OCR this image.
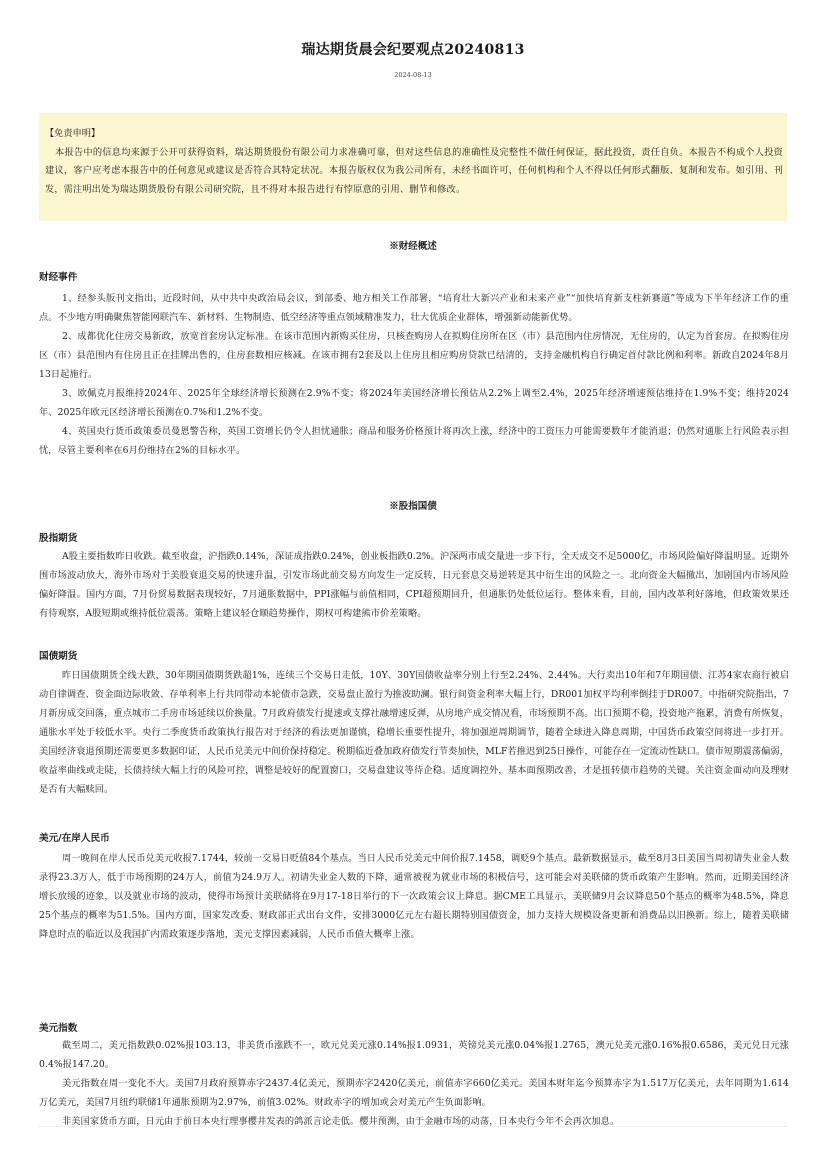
瑞达期货晨会纪要观点20240813
2024-08-13

【免责申明】

本报告中的信息均来源于公开可获得资料，瑞达期货股份有限公司力求准确可靠，但对这些信息的准确性及完整性不做任何保证，据此投资，责任自负。本报告不构成个人投资建议，客户应考虑本报告中的任何意见或建议是否符合其特定状况。本报告版权仅为我公司所有，未经书面许可，任何机构和个人不得以任何形式翻版、复制和发布。如引用、刊发，需注明出处为瑞达期货股份有限公司研究院，且不得对本报告进行有悖原意的引用、删节和修改。

※财经概述
财经事件

1、经参头版刊文指出，近段时间，从中共中央政治局会议，到部委、地方相关工作部署，“培育壮大新兴产业和未来产业”“加快培育新支柱新赛道”等成为下半年经济工作的重点。不少地方明确聚焦智能网联汽车、新材料、生物制造、低空经济等重点领域精准发力，壮大优质企业群体，增强新动能新优势。

2、成都优化住房交易新政，放宽首套房认定标准。在该市范围内新购买住房，只核查购房人在拟购住房所在区（市）县范围内住房情况，无住房的，认定为首套房。在拟购住房区（市）县范围内有住房且正在挂牌出售的，住房套数相应核减。在该市拥有2套及以上住房且相应购房贷款已结清的，支持金融机构自行确定首付款比例和利率。新政自2024年8月13日起施行。

3、欧佩克月报维持2024年、2025年全球经济增长预测在2.9%不变；将2024年美国经济增长预估从2.2%上调至2.4%，2025年经济增速预估维持在1.9%不变；维持2024年、2025年欧元区经济增长预测在0.7%和1.2%不变。

4、英国央行货币政策委员曼恩警告称，英国工资增长仍令人担忧通胀；商品和服务价格预计将再次上涨，经济中的工资压力可能需要数年才能消退；仍然对通胀上行风险表示担忧，尽管主要利率在6月份维持在2%的目标水平。

※股指国债
股指期货

A股主要指数昨日收跌。截至收盘，沪指跌0.14%，深证成指跌0.24%，创业板指跌0.2%。沪深两市成交量进一步下行，全天成交不足5000亿，市场风险偏好降温明显。近期外围市场波动放大，海外市场对于美股衰退交易的快速升温，引发市场此前交易方向发生一定反转，日元套息交易逆转是其中衍生出的风险之一。北向资金大幅撤出，加剧国内市场风险偏好降温。国内方面，7月份贸易数据表现较好，7月通胀数据中，PPI涨幅与前值相同，CPI超预期回升，但通胀仍处低位运行。整体来看，目前，国内改革利好落地，但政策效果还有待观察，A股短期或维持低位震荡。策略上建议轻仓顺趋势操作，期权可构建熊市价差策略。

国债期货

昨日国债期货全线大跌，30年期国债期货跌超1%，连续三个交易日走低，10Y、30Y国债收益率分别上行至2.24%、2.44%。大行卖出10年和7年期国债、江苏4家农商行被启动自律调查、资金面边际收敛、存单利率上行共同带动本轮债市急跌，交易盘止盈行为推波助澜。银行间资金利率大幅上行，DR001加权平均利率倒挂于DR007。中指研究院指出，7月新房成交回落，重点城市二手房市场延续以价换量。7月政府债发行提速或支撑社融增速反弹，从房地产成交情况看，市场预期不高。出口预期不稳，投资地产拖累，消费有所恢复，通胀水平处于较低水平。央行二季度货币政策执行报告对于经济的看法更加谨慎，稳增长重要性提升，将加强逆周期调节，随着全球进入降息周期，中国货币政策空间将进一步打开。美国经济衰退预期还需要更多数据印证，人民币兑美元中间价保持稳定。税期临近叠加政府债发行节奏加快，MLF若推迟到25日操作，可能存在一定流动性缺口。债市短期震荡偏弱，收益率曲线或走陡，长债持续大幅上行的风险可控，调整是较好的配置窗口，交易盘建议等待企稳。适度调控外，基本面预期改善，才是扭转债市趋势的关键。关注资金面动向及理财是否有大幅赎回。

美元/在岸人民币

周一晚间在岸人民币兑美元收报7.1744，较前一交易日贬值84个基点。当日人民币兑美元中间价报7.1458，调贬9个基点。最新数据显示，截至8月3日美国当周初请失业金人数录得23.3万人，低于市场预期的24万人，前值为24.9万人。初请失业金人数的下降，通常被视为就业市场的积极信号，这可能会对美联储的货币政策产生影响。然而，近期美国经济增长放缓的迹象，以及就业市场的波动，使得市场预计美联储将在9月17-18日举行的下一次政策会议上降息。据CME工具显示，美联储9月会议降息50个基点的概率为48.5%，降息25个基点的概率为51.5%。国内方面，国家发改委、财政部正式出台文件，安排3000亿元左右超长期特别国债资金，加力支持大规模设备更新和消费品以旧换新。综上，随着美联储降息时点的临近以及我国扩内需政策逐步落地，美元支撑因素减弱，人民币币值大概率上涨。

美元指数

截至周二，美元指数跌0.02%报103.13，非美货币涨跌不一，欧元兑美元涨0.14%报1.0931，英镑兑美元涨0.04%报1.2765，澳元兑美元涨0.16%报0.6586，美元兑日元涨0.4%报147.20。

美元指数在周一变化不大。美国7月政府预算赤字2437.4亿美元，预期赤字2420亿美元，前值赤字660亿美元。美国本财年迄今预算赤字为1.517万亿美元，去年同期为1.614万亿美元，美国7月纽约联储1年通胀预期为2.97%，前值3.02%。财政赤字的增加或会对美元产生负面影响。

非美国家货币方面，日元由于前日本央行理事樱井发表的鸽派言论走低。樱井预测，由于金融市场的动荡，日本央行今年不会再次加息。
